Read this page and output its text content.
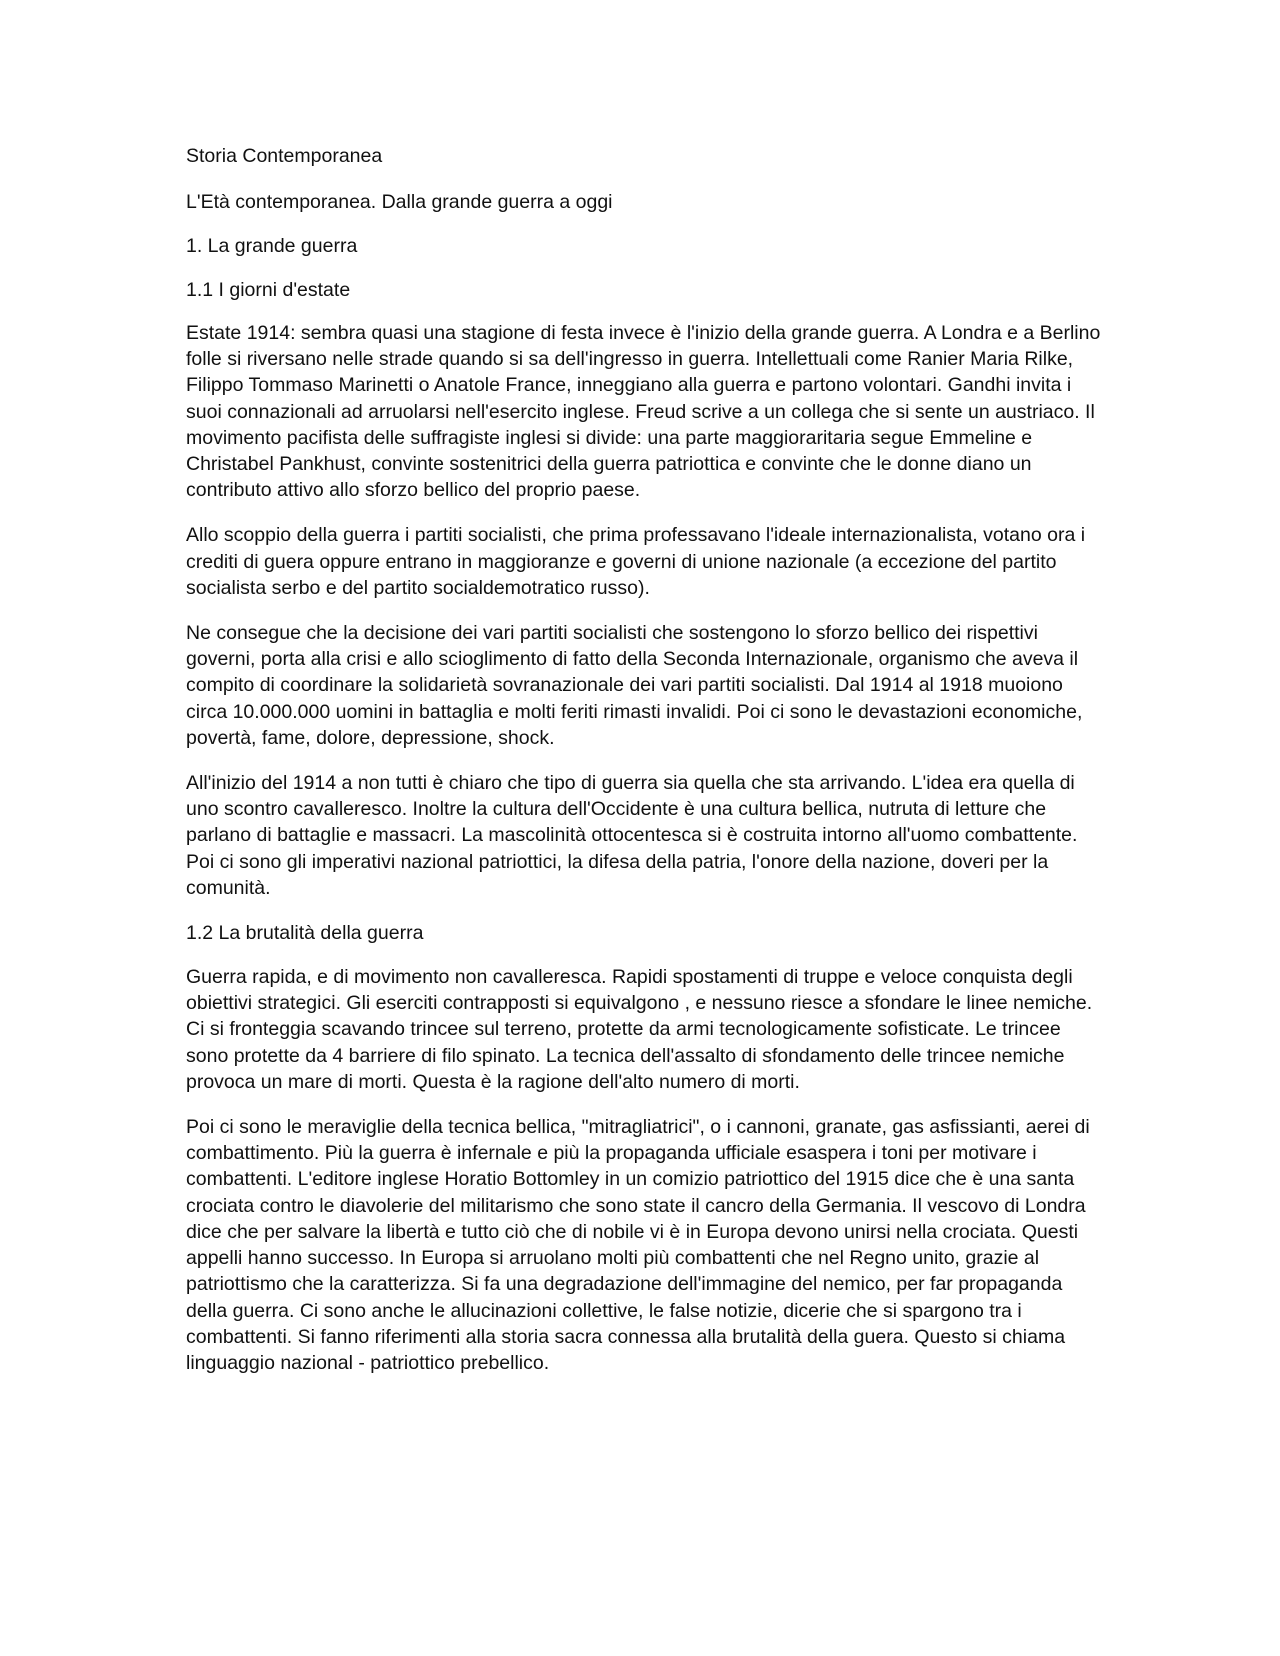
Storia Contemporanea

L'Età contemporanea. Dalla grande guerra a oggi

1. La grande guerra

1.1 I giorni d'estate

Estate 1914: sembra quasi una stagione di festa invece è l'inizio della grande guerra. A Londra e a Berlino folle si riversano nelle strade quando si sa dell'ingresso in guerra. Intellettuali come Ranier Maria Rilke, Filippo Tommaso Marinetti o Anatole France, inneggiano alla guerra e partono volontari. Gandhi invita i suoi connazionali ad arruolarsi nell'esercito inglese. Freud scrive a un collega che si sente un austriaco. Il movimento pacifista delle suffragiste inglesi si divide: una parte maggioraritaria segue Emmeline e Christabel Pankhust, convinte sostenitrici della guerra patriottica e convinte che le donne diano un contributo attivo allo sforzo bellico del proprio paese.

Allo scoppio della guerra i partiti socialisti, che prima professavano l'ideale internazionalista, votano ora i crediti di guera oppure entrano in maggioranze e governi di unione nazionale (a eccezione del partito socialista serbo e del partito socialdemotratico russo).

Ne consegue che la decisione dei vari partiti socialisti che sostengono lo sforzo bellico dei rispettivi governi, porta alla crisi e allo scioglimento di fatto della Seconda Internazionale, organismo che aveva il compito di coordinare la solidarietà sovranazionale dei vari partiti socialisti. Dal 1914 al 1918 muoiono circa 10.000.000 uomini in battaglia e molti feriti rimasti invalidi. Poi ci sono le devastazioni economiche, povertà, fame, dolore, depressione, shock.

All'inizio del 1914 a non tutti è chiaro che tipo di guerra sia quella che sta arrivando. L'idea era quella di uno scontro cavalleresco. Inoltre la cultura dell'Occidente è una cultura bellica, nutruta di letture che parlano di battaglie e massacri. La mascolinità ottocentesca si è costruita intorno all'uomo combattente. Poi ci sono gli imperativi nazional patriottici, la difesa della patria, l'onore della nazione, doveri per la comunità.

1.2 La brutalità della guerra

Guerra rapida, e di movimento non cavalleresca. Rapidi spostamenti di truppe e veloce conquista degli obiettivi strategici. Gli eserciti contrapposti si equivalgono , e nessuno riesce a sfondare le linee nemiche. Ci si fronteggia scavando trincee sul terreno, protette da armi tecnologicamente sofisticate. Le trincee sono protette da 4 barriere di filo spinato. La tecnica dell'assalto di sfondamento delle trincee nemiche provoca un mare di morti. Questa è la ragione dell'alto numero di morti.

Poi ci sono le meraviglie della tecnica bellica, "mitragliatrici", o i cannoni, granate, gas asfissianti, aerei di combattimento. Più la guerra è infernale e più la propaganda ufficiale esaspera i toni per motivare i combattenti. L'editore inglese Horatio Bottomley in un comizio patriottico del 1915 dice che è una santa crociata contro le diavolerie del militarismo che sono state il cancro della Germania. Il vescovo di Londra dice che per salvare la libertà e tutto ciò che di nobile vi è in Europa devono unirsi nella crociata. Questi appelli hanno successo. In Europa si arruolano molti più combattenti che nel Regno unito, grazie al patriottismo che la caratterizza. Si fa una degradazione dell'immagine del nemico, per far propaganda della guerra. Ci sono anche le allucinazioni collettive, le false notizie, dicerie che si spargono tra i combattenti. Si fanno riferimenti alla storia sacra connessa alla brutalità della guera. Questo si chiama linguaggio nazional - patriottico prebellico.
